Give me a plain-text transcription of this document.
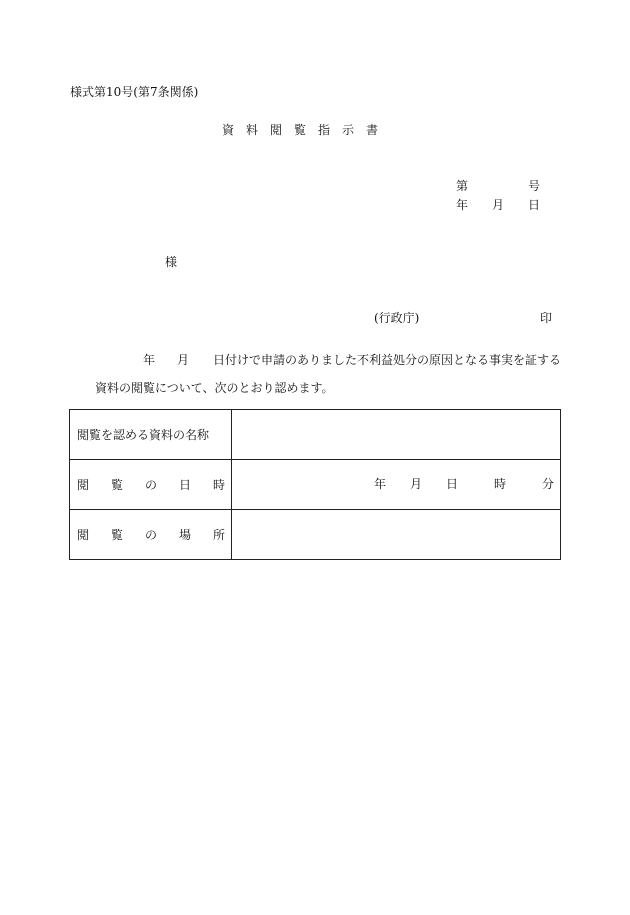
様式第10号(第7条関係)
資料閲覧指示書
第	号
年 月 日
様
(行政庁)	印
年 月 日付けで申請のありました不利益処分の原因となる事実を証する
資料の閲覧について、次のとおり認めます。
閲覧を認める資料の名称	

閲 覧 の 日 時	年 月 日 時 分

閲 覧 の 場 所	
